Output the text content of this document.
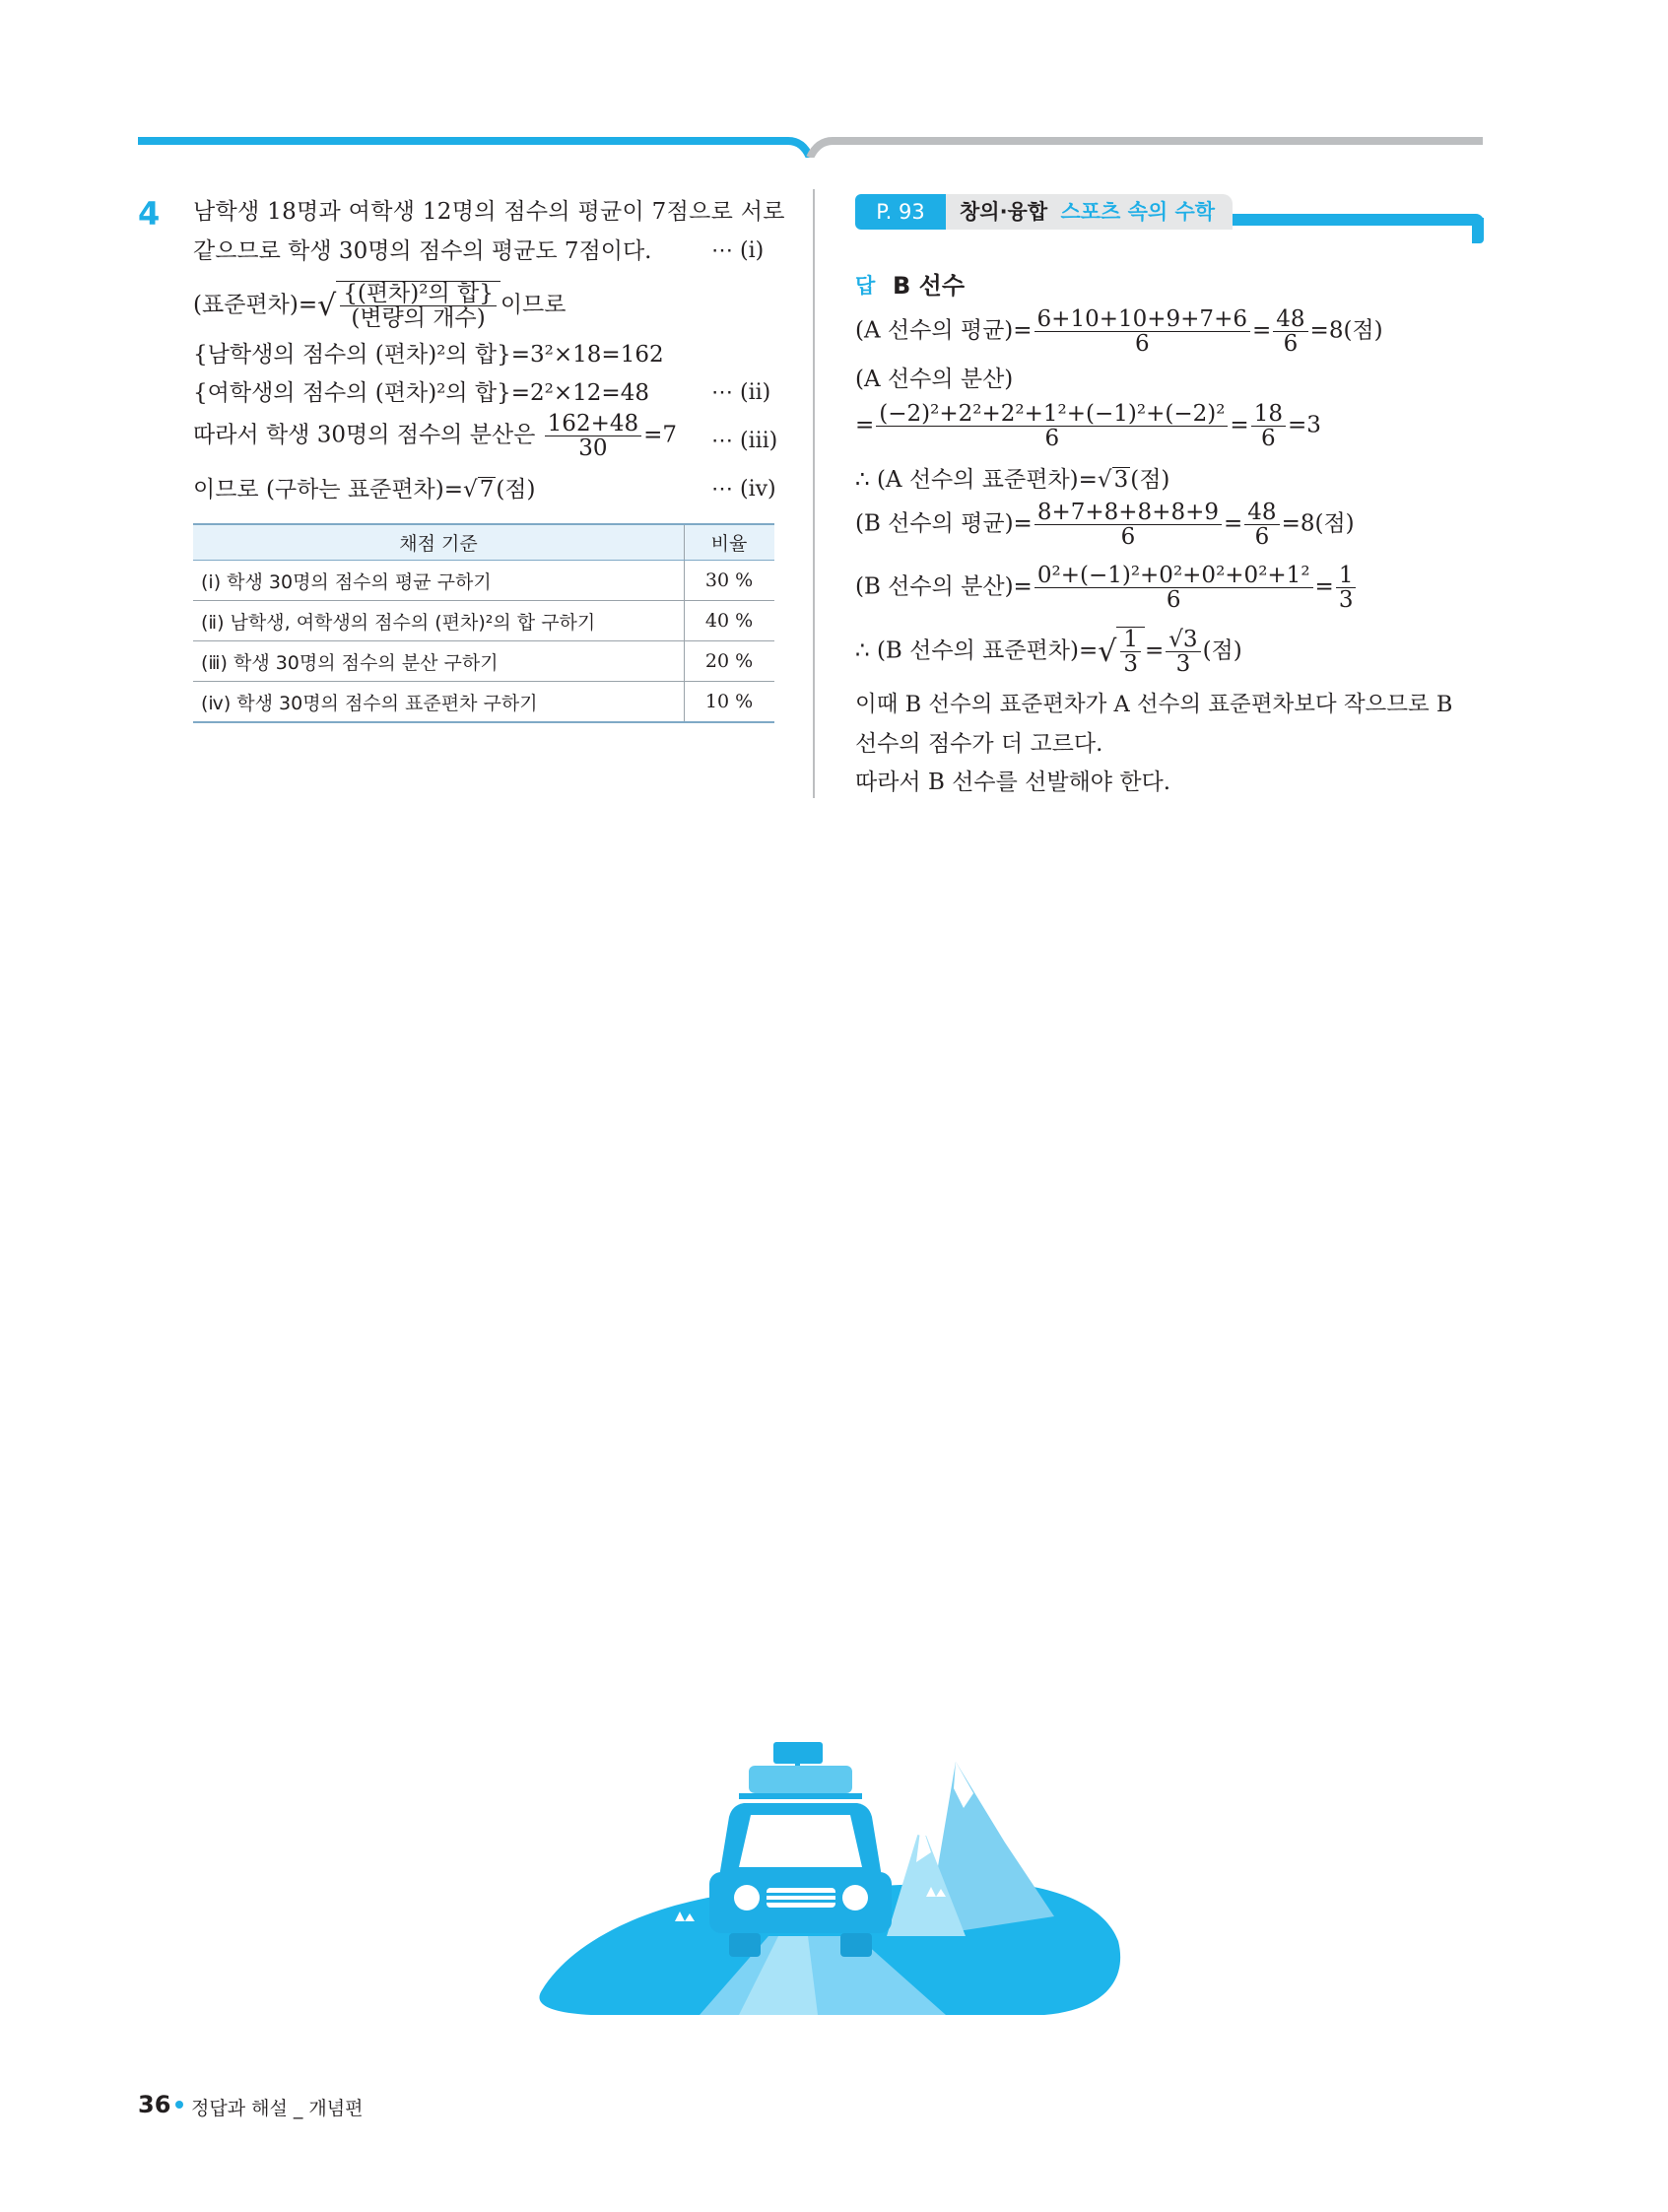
4 남학생 18명과 여학생 12명의 점수의 평균이 7점으로 서로
같으므로 학생 30명의 점수의 평균도 7점이다.	⋯ (ⅰ)
(표준편차)=√ $\frac{\text{\{(편차)²의 합\}}}{\text{(변량의 개수)}}$ 이므로
{남학생의 점수의 (편차)²의 합}=3²×18=162
{여학생의 점수의 (편차)²의 합}=2²×12=48	⋯ (ⅱ)
따라서 학생 30명의 점수의 분산은 $\frac{162+48}{30} =7$ ⋯ (ⅲ)
이므로 (구하는 표준편차)=√7(점)	⋯ (ⅳ)
채점 기준	비율
(ⅰ) 학생 30명의 점수의 평균 구하기	30 %
(ⅱ) 남학생, 여학생의 점수의 (편차)²의 합 구하기	40 %
(ⅲ) 학생 30명의 점수의 분산 구하기	20 %
(ⅳ) 학생 30명의 점수의 표준편차 구하기	10 %
P. 93	창의·융합 스포츠 속의 수학
답 B 선수
(A 선수의 평균)= $\frac{6+10+10+9+7+6}{6} = \frac{48}{6} =8$(점)
(A 선수의 분산)
= $\frac{\text{(−2)²+2²+2²+1²+(−1)²+(−2)²}}{6} = \frac{18}{6} =3$
∴ (A 선수의 표준편차)=√3(점)
(B 선수의 평균)= $\frac{8+7+8+8+8+9}{6} = \frac{48}{6} =8$(점)
(B 선수의 분산)= $\frac{\text{0²+(−1)²+0²+0²+0²+1²}}{6} = \frac{1}{3}$
∴ (B 선수의 표준편차)=√ $\frac{1}{3} = \frac{√3}{3}$ (점)
이때 B 선수의 표준편차가 A 선수의 표준편차보다 작으므로 B
선수의 점수가 더 고르다.
따라서 B 선수를 선발해야 한다.
+ +
+
36 정답과 해설 _ 개념편
